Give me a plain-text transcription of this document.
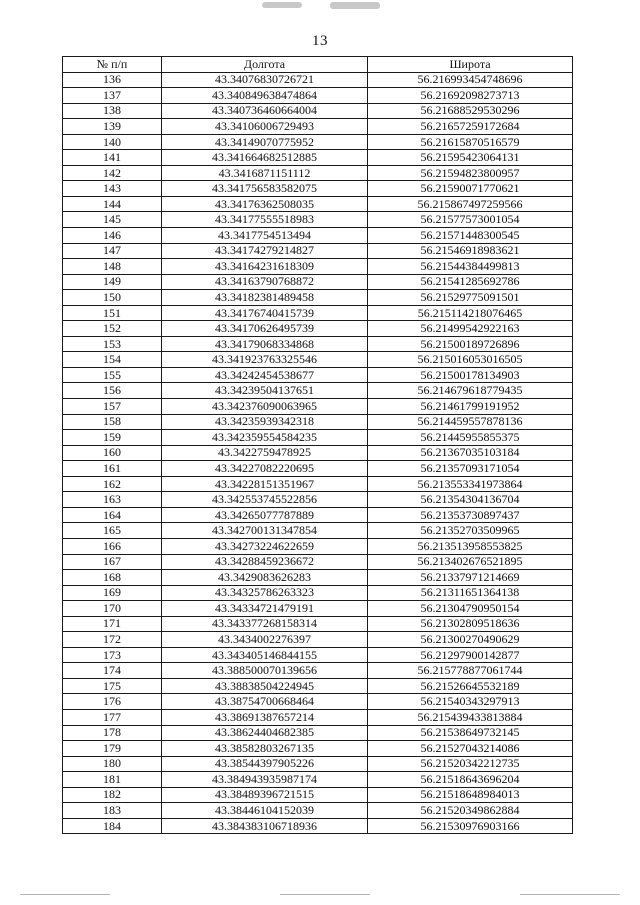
13
№ п/п	Долгота	Широта
136	43.34076830726721	56.216993454748696
137	43.340849638474864	56.21692098273713
138	43.340736460664004	56.21688529530296
139	43.34106006729493	56.21657259172684
140	43.34149070775952	56.21615870516579
141	43.341664682512885	56.21595423064131
142	43.3416871151112	56.21594823800957
143	43.341756583582075	56.21590071770621
144	43.34176362508035	56.215867497259566
145	43.34177555518983	56.21577573001054
146	43.3417754513494	56.21571448300545
147	43.34174279214827	56.21546918983621
148	43.34164231618309	56.21544384499813
149	43.34163790768872	56.21541285692786
150	43.34182381489458	56.21529775091501
151	43.34176740415739	56.215114218076465
152	43.34170626495739	56.21499542922163
153	43.34179068334868	56.21500189726896
154	43.341923763325546	56.215016053016505
155	43.34242454538677	56.21500178134903
156	43.34239504137651	56.214679618779435
157	43.342376090063965	56.21461799191952
158	43.34235939342318	56.214459557878136
159	43.342359554584235	56.21445955855375
160	43.3422759478925	56.21367035103184
161	43.34227082220695	56.21357093171054
162	43.34228151351967	56.213553341973864
163	43.342553745522856	56.21354304136704
164	43.34265077787889	56.21353730897437
165	43.342700131347854	56.21352703509965
166	43.34273224622659	56.213513958553825
167	43.34288459236672	56.213402676521895
168	43.3429083626283	56.21337971214669
169	43.34325786263323	56.21311651364138
170	43.34334721479191	56.21304790950154
171	43.343377268158314	56.21302809518636
172	43.3434002276397	56.21300270490629
173	43.343405146844155	56.21297900142877
174	43.388500070139656	56.215778877061744
175	43.38838504224945	56.21526645532189
176	43.38754700668464	56.21540343297913
177	43.38691387657214	56.215439433813884
178	43.38624404682385	56.21538649732145
179	43.38582803267135	56.21527043214086
180	43.38544397905226	56.21520342212735
181	43.384943935987174	56.21518643696204
182	43.38489396721515	56.21518648984013
183	43.38446104152039	56.21520349862884
184	43.384383106718936	56.21530976903166
